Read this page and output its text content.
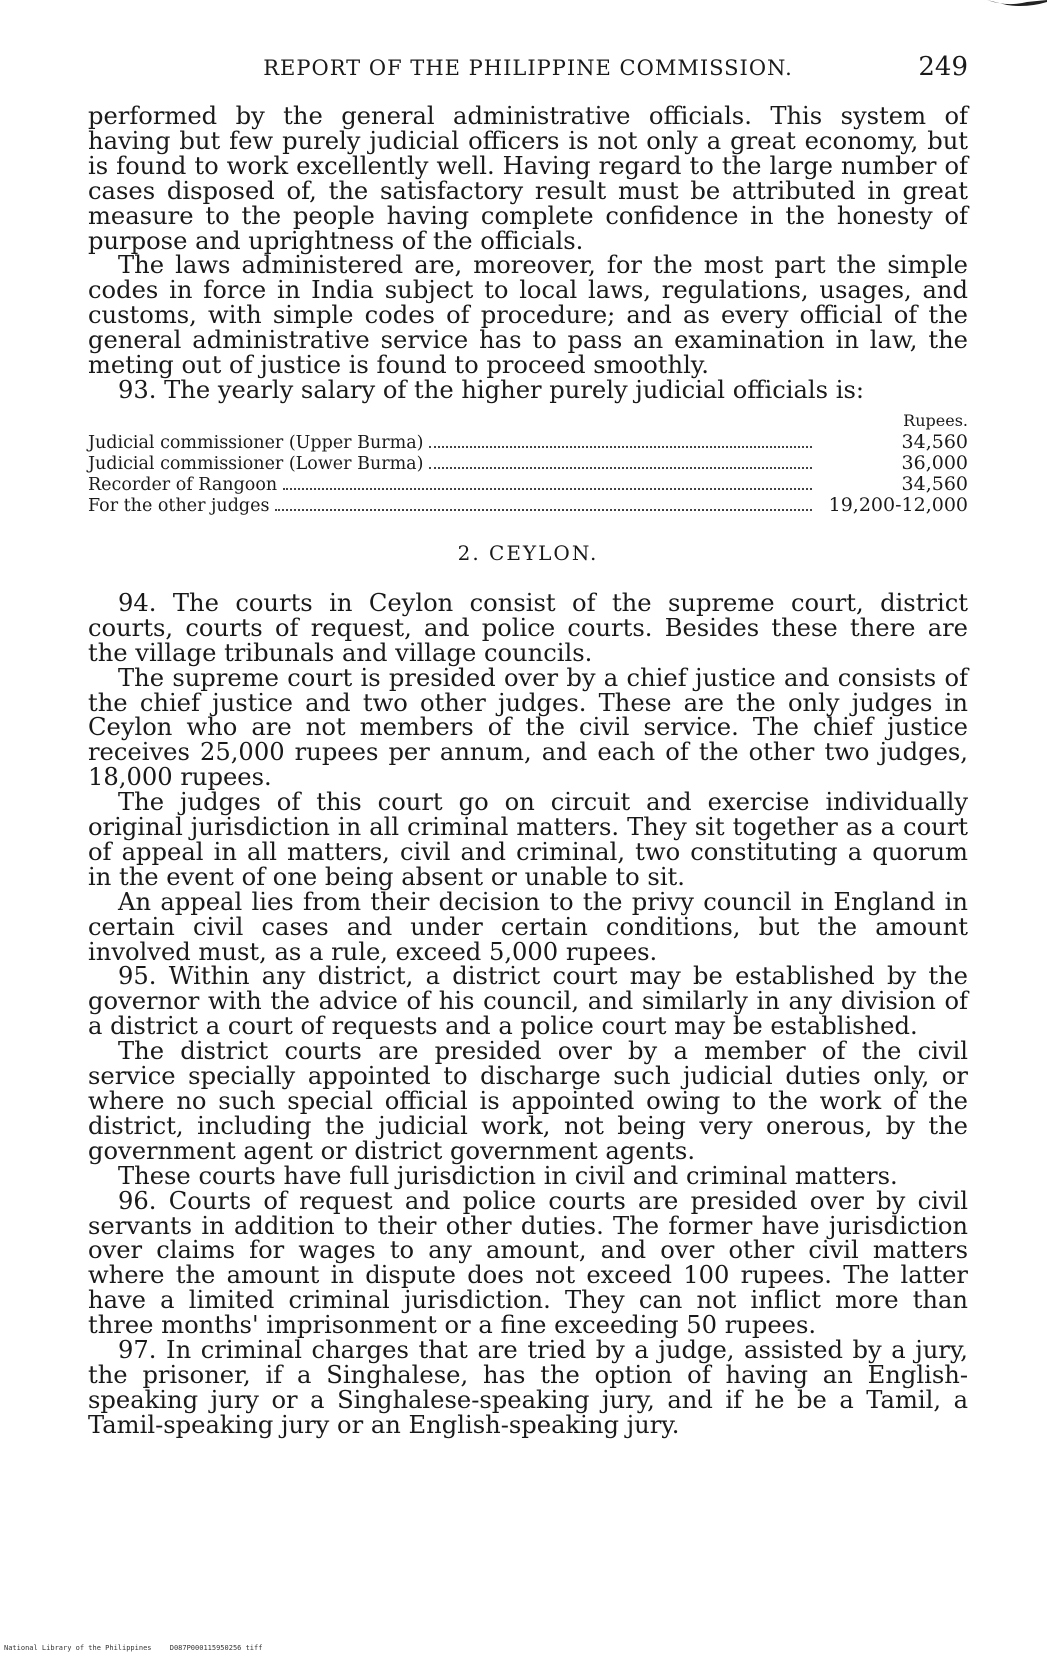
REPORT OF THE PHILIPPINE COMMISSION.	249

performed by the general administrative officials. This system of having but few purely judicial officers is not only a great economy, but is found to work excellently well. Having regard to the large number of cases disposed of, the satisfactory result must be attributed in great measure to the people having complete confidence in the honesty of purpose and uprightness of the officials.

The laws administered are, moreover, for the most part the simple codes in force in India subject to local laws, regulations, usages, and customs, with simple codes of procedure; and as every official of the general administrative service has to pass an examination in law, the meting out of justice is found to proceed smoothly.

93. The yearly salary of the higher purely judicial officials is:

Rupees.
Judicial commissioner (Upper Burma)	34,560
Judicial commissioner (Lower Burma)	36,000
Recorder of Rangoon	34,560
For the other judges	19,200-12,000
2. CEYLON.

94. The courts in Ceylon consist of the supreme court, district courts, courts of request, and police courts. Besides these there are the village tribunals and village councils.

The supreme court is presided over by a chief justice and consists of the chief justice and two other judges. These are the only judges in Ceylon who are not members of the civil service. The chief justice receives 25,000 rupees per annum, and each of the other two judges, 18,000 rupees.

The judges of this court go on circuit and exercise individually original jurisdiction in all criminal matters. They sit together as a court of appeal in all matters, civil and criminal, two constituting a quorum in the event of one being absent or unable to sit.

An appeal lies from their decision to the privy council in England in certain civil cases and under certain conditions, but the amount involved must, as a rule, exceed 5,000 rupees.

95. Within any district, a district court may be established by the governor with the advice of his council, and similarly in any division of a district a court of requests and a police court may be established.

The district courts are presided over by a member of the civil service specially appointed to discharge such judicial duties only, or where no such special official is appointed owing to the work of the district, including the judicial work, not being very onerous, by the government agent or district government agents.

These courts have full jurisdiction in civil and criminal matters.

96. Courts of request and police courts are presided over by civil servants in addition to their other duties. The former have jurisdiction over claims for wages to any amount, and over other civil matters where the amount in dispute does not exceed 100 rupees. The latter have a limited criminal jurisdiction. They can not inflict more than three months' imprisonment or a fine exceeding 50 rupees.

97. In criminal charges that are tried by a judge, assisted by a jury, the prisoner, if a Singhalese, has the option of having an English-speaking jury or a Singhalese-speaking jury, and if he be a Tamil, a Tamil-speaking jury or an English-speaking jury.

National Library of the Philippines	D087P000115950256 tiff
